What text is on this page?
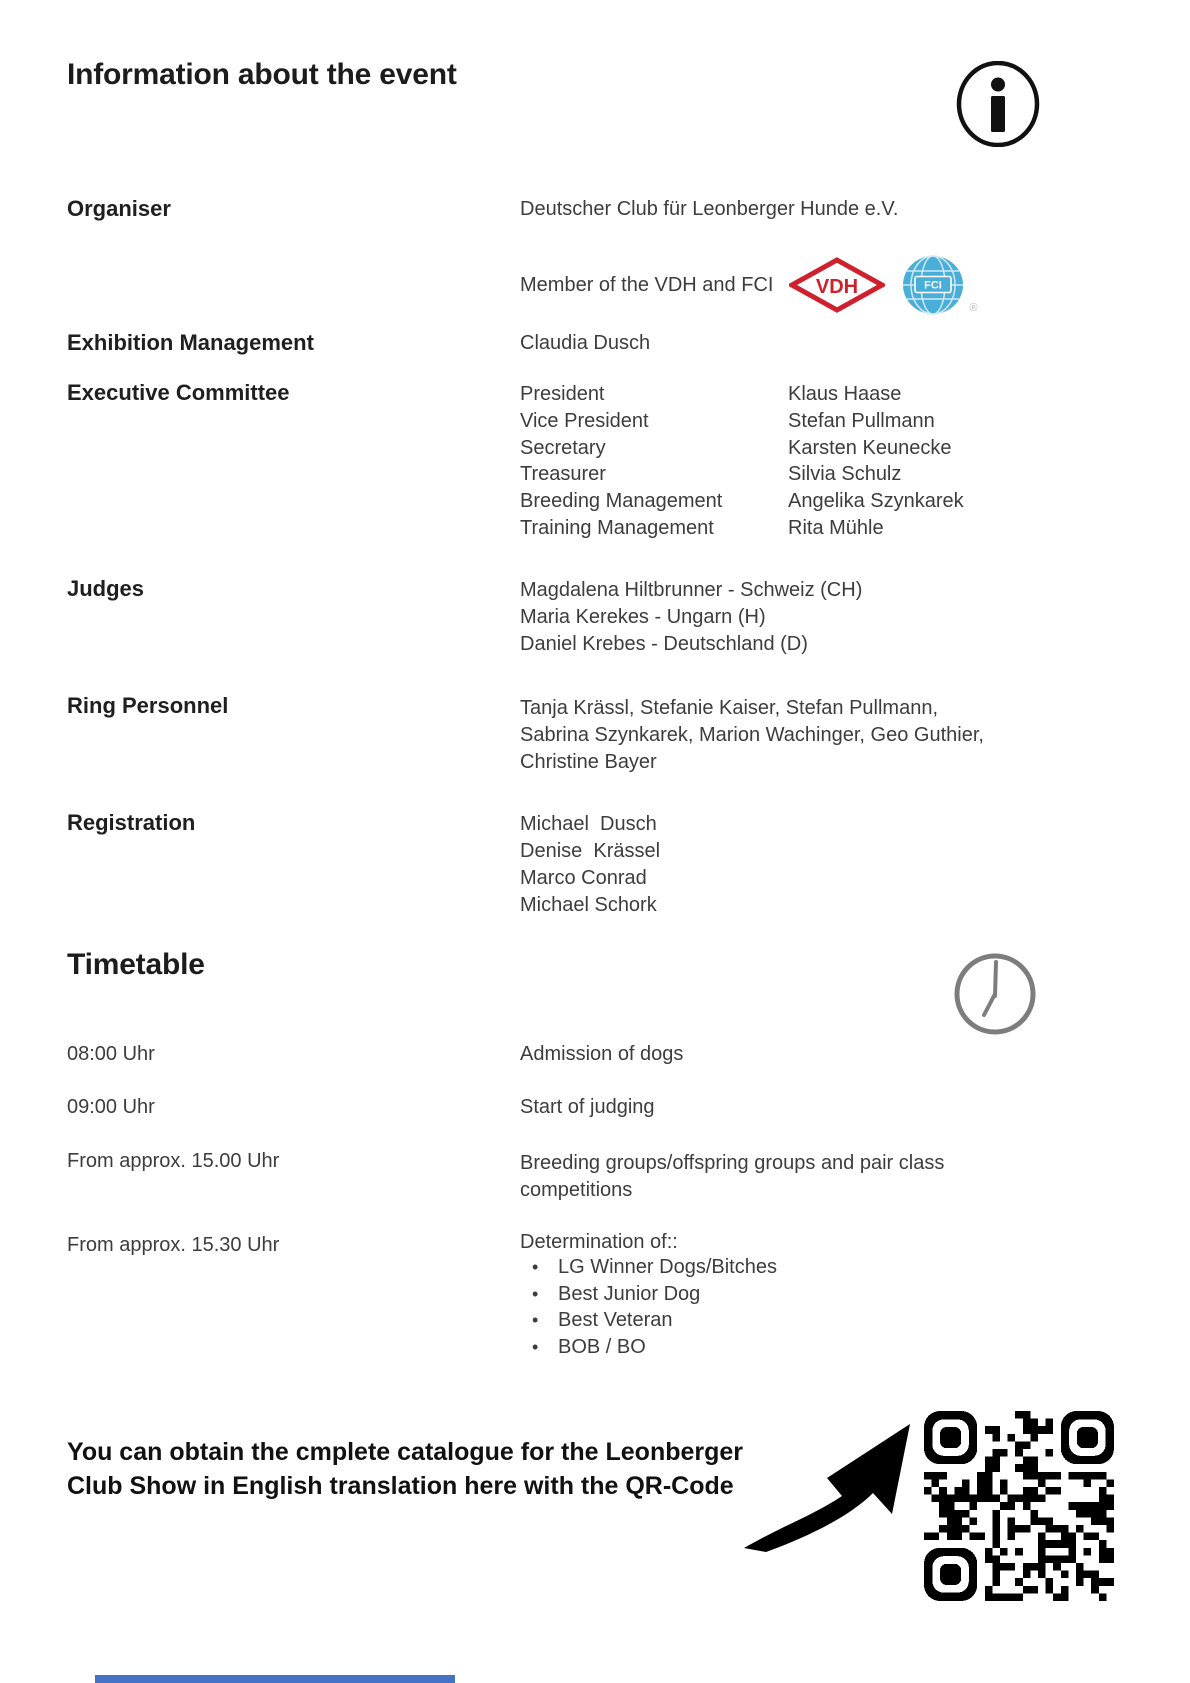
Information about the event
Organiser	Deutscher Club für Leonberger Hunde e.V.
Member of the VDH and FCI VDH	FCI
®
Exhibition Management	Claudia Dusch
Executive Committee	President	Klaus Haase
Vice President	Stefan Pullmann
Secretary	Karsten Keunecke
Treasurer	Silvia Schulz
Breeding Management	Angelika Szynkarek
Training Management	Rita Mühle
Judges	Magdalena Hiltbrunner - Schweiz (CH)
Maria Kerekes - Ungarn (H)
Daniel Krebes - Deutschland (D)
Ring Personnel	Tanja Krässl, Stefanie Kaiser, Stefan Pullmann,
Sabrina Szynkarek, Marion Wachinger, Geo Guthier,
Christine Bayer
Registration	Michael  Dusch
Denise  Krässel
Marco Conrad
Michael Schork
Timetable
08:00 Uhr	Admission of dogs
09:00 Uhr	Start of judging
From approx. 15.00 Uhr	Breeding groups/offspring groups and pair class competitions
From approx. 15.30 Uhr	Determination of::
• LG Winner Dogs/Bitches
• Best Junior Dog
• Best Veteran
• BOB / BO
You can obtain the cmplete catalogue for the Leonberger
Club Show in English translation here with the QR-Code
